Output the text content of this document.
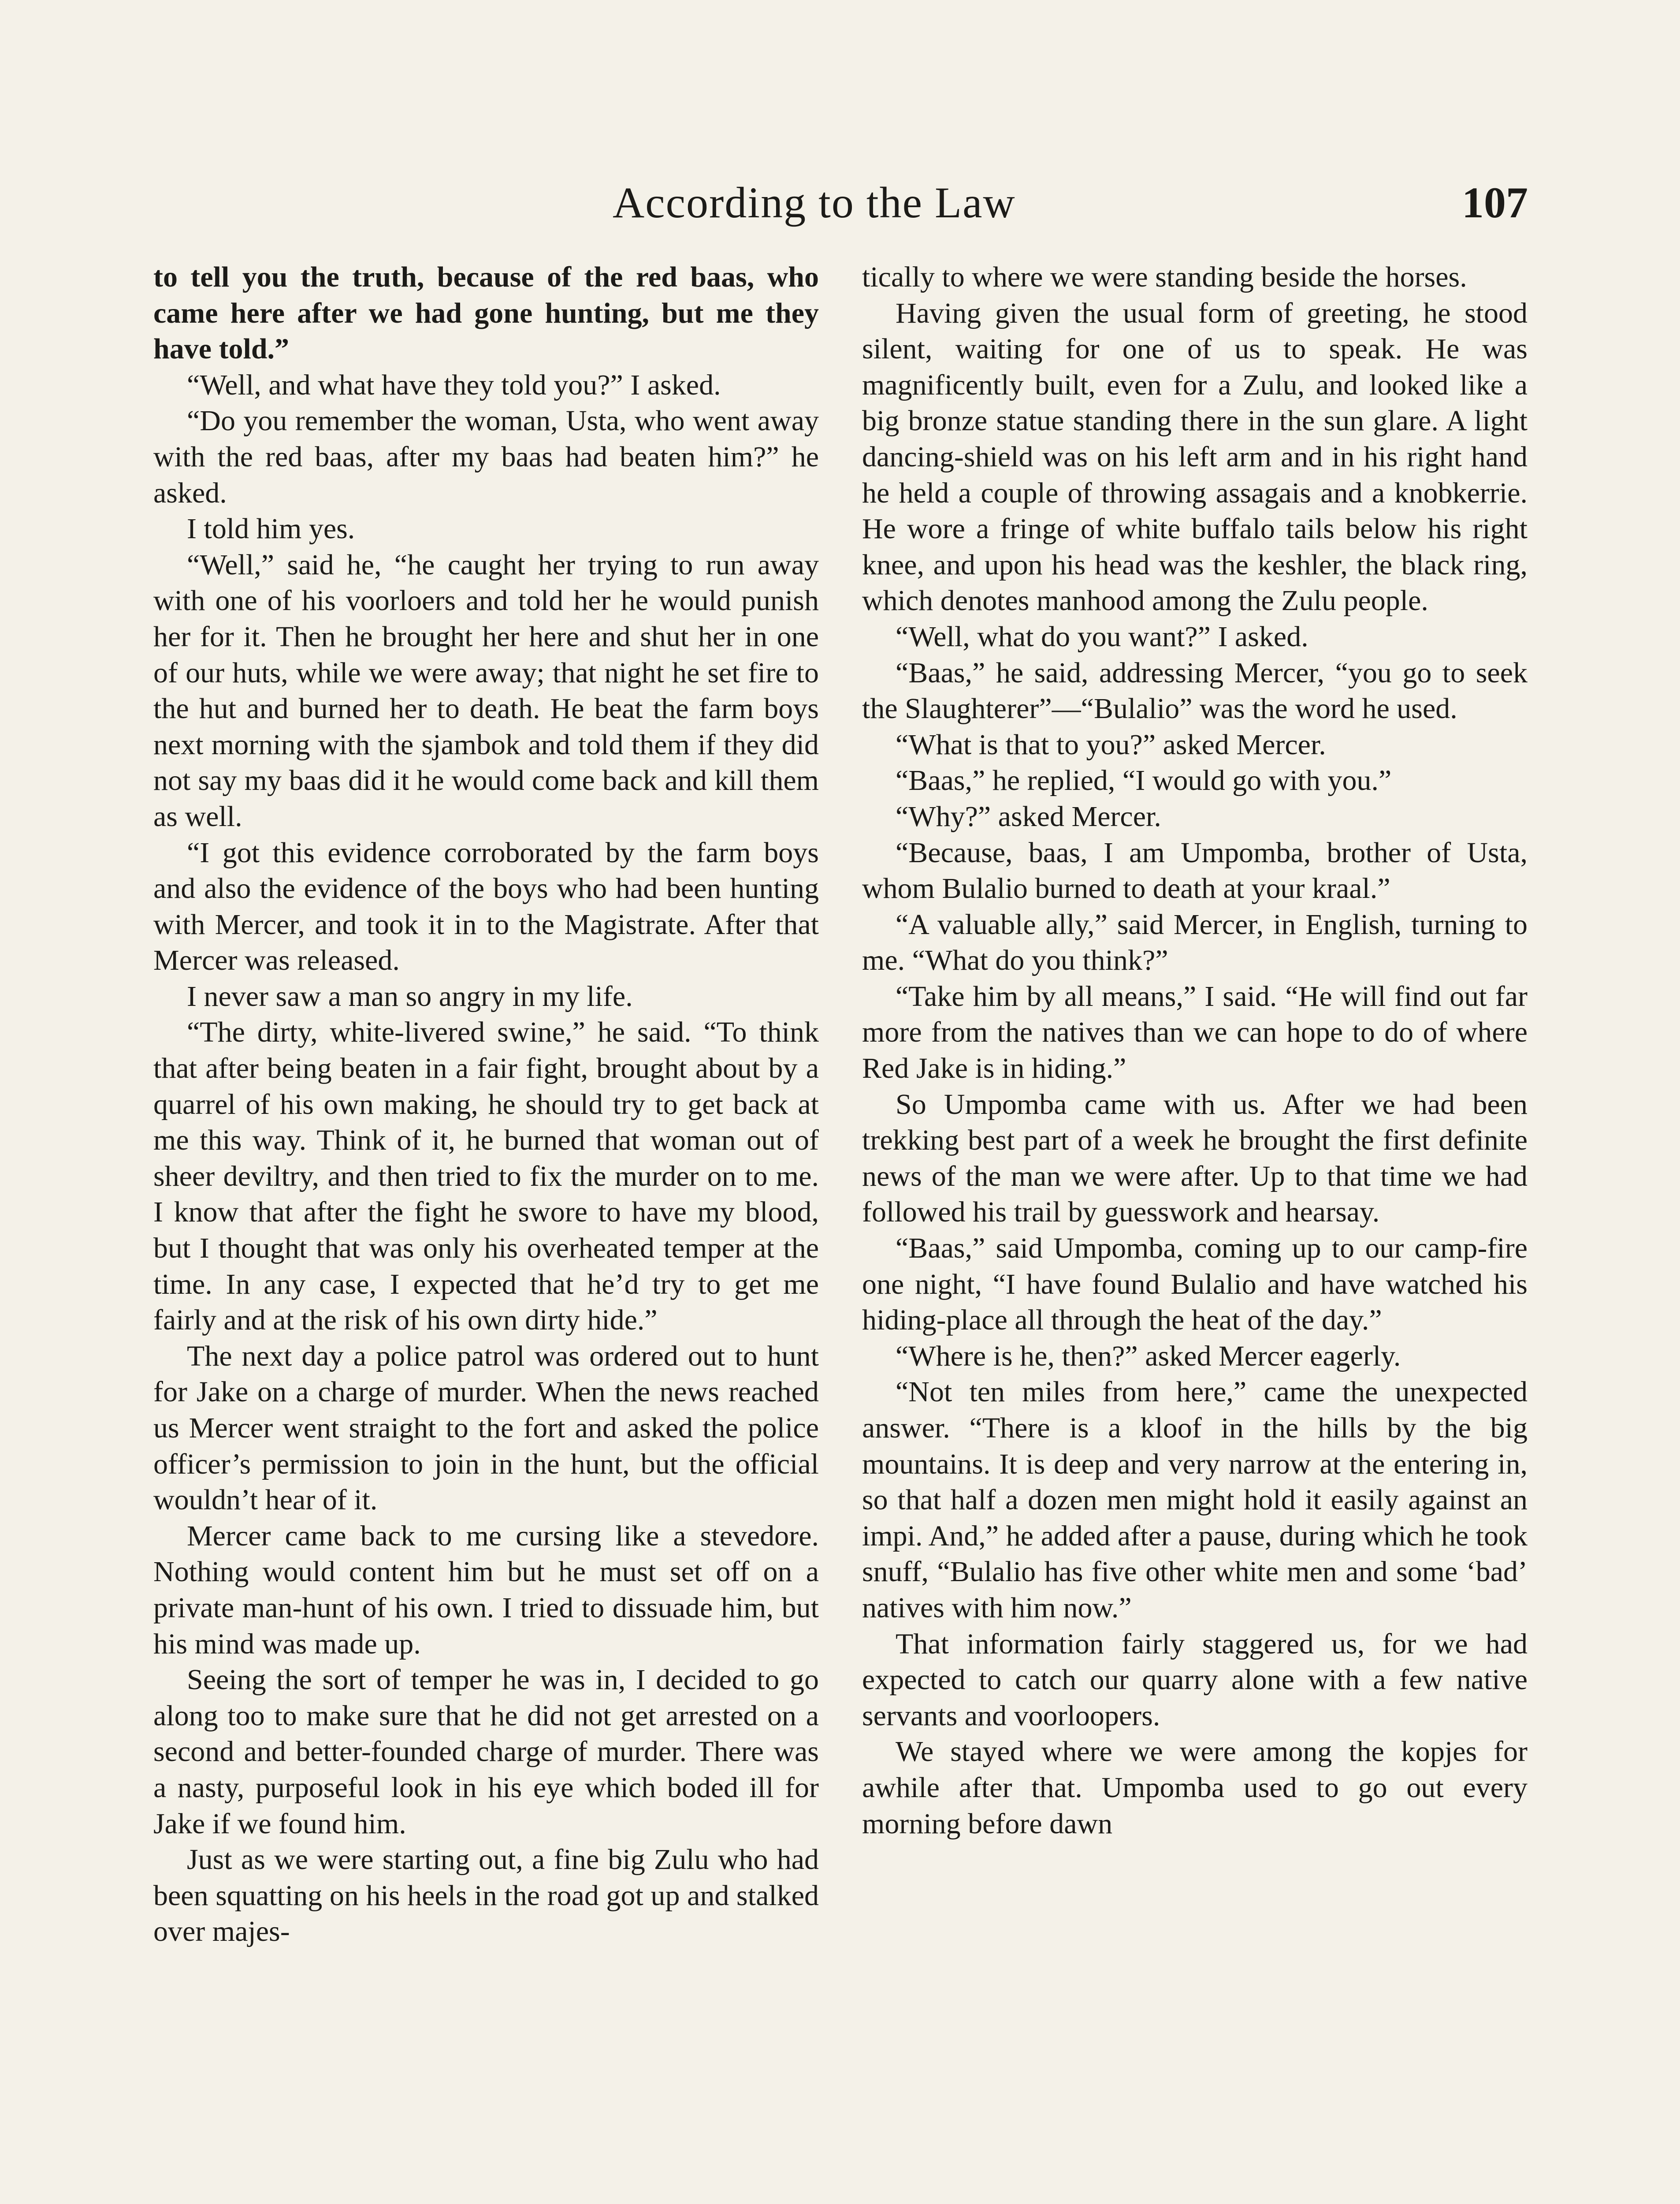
According to the Law	107

to tell you the truth, because of the red baas, who came here after we had gone hunting, but me they have told.”

“Well, and what have they told you?” I asked.

“Do you remember the woman, Usta, who went away with the red baas, after my baas had beaten him?” he asked.

I told him yes.

“Well,” said he, “he caught her trying to run away with one of his voorloers and told her he would punish her for it. Then he brought her here and shut her in one of our huts, while we were away; that night he set fire to the hut and burned her to death. He beat the farm boys next morning with the sjambok and told them if they did not say my baas did it he would come back and kill them as well.

“I got this evidence corroborated by the farm boys and also the evidence of the boys who had been hunting with Mercer, and took it in to the Magistrate. After that Mercer was released.

I never saw a man so angry in my life.

“The dirty, white-livered swine,” he said. “To think that after being beaten in a fair fight, brought about by a quarrel of his own making, he should try to get back at me this way. Think of it, he burned that woman out of sheer deviltry, and then tried to fix the murder on to me. I know that after the fight he swore to have my blood, but I thought that was only his overheated temper at the time. In any case, I expected that he’d try to get me fairly and at the risk of his own dirty hide.”

The next day a police patrol was ordered out to hunt for Jake on a charge of murder. When the news reached us Mercer went straight to the fort and asked the police officer’s permission to join in the hunt, but the official wouldn’t hear of it.

Mercer came back to me cursing like a stevedore. Nothing would content him but he must set off on a private man-hunt of his own. I tried to dissuade him, but his mind was made up.

Seeing the sort of temper he was in, I decided to go along too to make sure that he did not get arrested on a second and better-founded charge of murder. There was a nasty, purposeful look in his eye which boded ill for Jake if we found him.

Just as we were starting out, a fine big Zulu who had been squatting on his heels in the road got up and stalked over majes-

tically to where we were standing beside the horses.

Having given the usual form of greeting, he stood silent, waiting for one of us to speak. He was magnificently built, even for a Zulu, and looked like a big bronze statue standing there in the sun glare. A light dancing-shield was on his left arm and in his right hand he held a couple of throwing assagais and a knobkerrie. He wore a fringe of white buffalo tails below his right knee, and upon his head was the keshler, the black ring, which denotes manhood among the Zulu people.

“Well, what do you want?” I asked.

“Baas,” he said, addressing Mercer, “you go to seek the Slaughterer”—“Bulalio” was the word he used.

“What is that to you?” asked Mercer.

“Baas,” he replied, “I would go with you.”

“Why?” asked Mercer.

“Because, baas, I am Umpomba, brother of Usta, whom Bulalio burned to death at your kraal.”

“A valuable ally,” said Mercer, in English, turning to me. “What do you think?”

“Take him by all means,” I said. “He will find out far more from the natives than we can hope to do of where Red Jake is in hiding.”

So Umpomba came with us. After we had been trekking best part of a week he brought the first definite news of the man we were after. Up to that time we had followed his trail by guesswork and hearsay.

“Baas,” said Umpomba, coming up to our camp-fire one night, “I have found Bulalio and have watched his hiding-place all through the heat of the day.”

“Where is he, then?” asked Mercer eagerly.

“Not ten miles from here,” came the unexpected answer. “There is a kloof in the hills by the big mountains. It is deep and very narrow at the entering in, so that half a dozen men might hold it easily against an impi. And,” he added after a pause, during which he took snuff, “Bulalio has five other white men and some ‘bad’ natives with him now.”

That information fairly staggered us, for we had expected to catch our quarry alone with a few native servants and voorloopers.

We stayed where we were among the kopjes for awhile after that. Umpomba used to go out every morning before dawn
